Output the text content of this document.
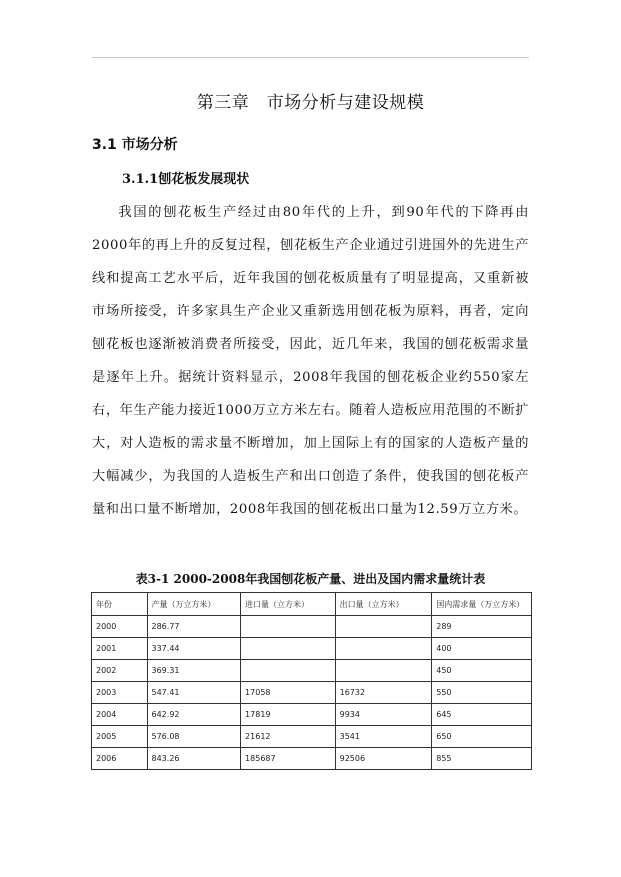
第三章　市场分析与建设规模
3.1 市场分析
3.1.1刨花板发展现状

我国的刨花板生产经过由80年代的上升，到90年代的下降再由2000年的再上升的反复过程，刨花板生产企业通过引进国外的先进生产线和提高工艺水平后，近年我国的刨花板质量有了明显提高，又重新被市场所接受，许多家具生产企业又重新选用刨花板为原料，再者，定向刨花板也逐渐被消费者所接受，因此，近几年来，我国的刨花板需求量是逐年上升。据统计资料显示，2008年我国的刨花板企业约550家左右，年生产能力接近1000万立方米左右。随着人造板应用范围的不断扩大，对人造板的需求量不断增加，加上国际上有的国家的人造板产量的大幅减少，为我国的人造板生产和出口创造了条件，使我国的刨花板产量和出口量不断增加，2008年我国的刨花板出口量为12.59万立方米。

表3-1 2000-2008年我国刨花板产量、进出及国内需求量统计表
年份	产量（万立方米）	进口量（立方米）	出口量（立方米）	国内需求量（万立方米）
2000	286.77			289
2001	337.44			400
2002	369.31			450
2003	547.41	17058	16732	550
2004	642.92	17819	9934	645
2005	576.08	21612	3541	650
2006	843.26	185687	92506	855
